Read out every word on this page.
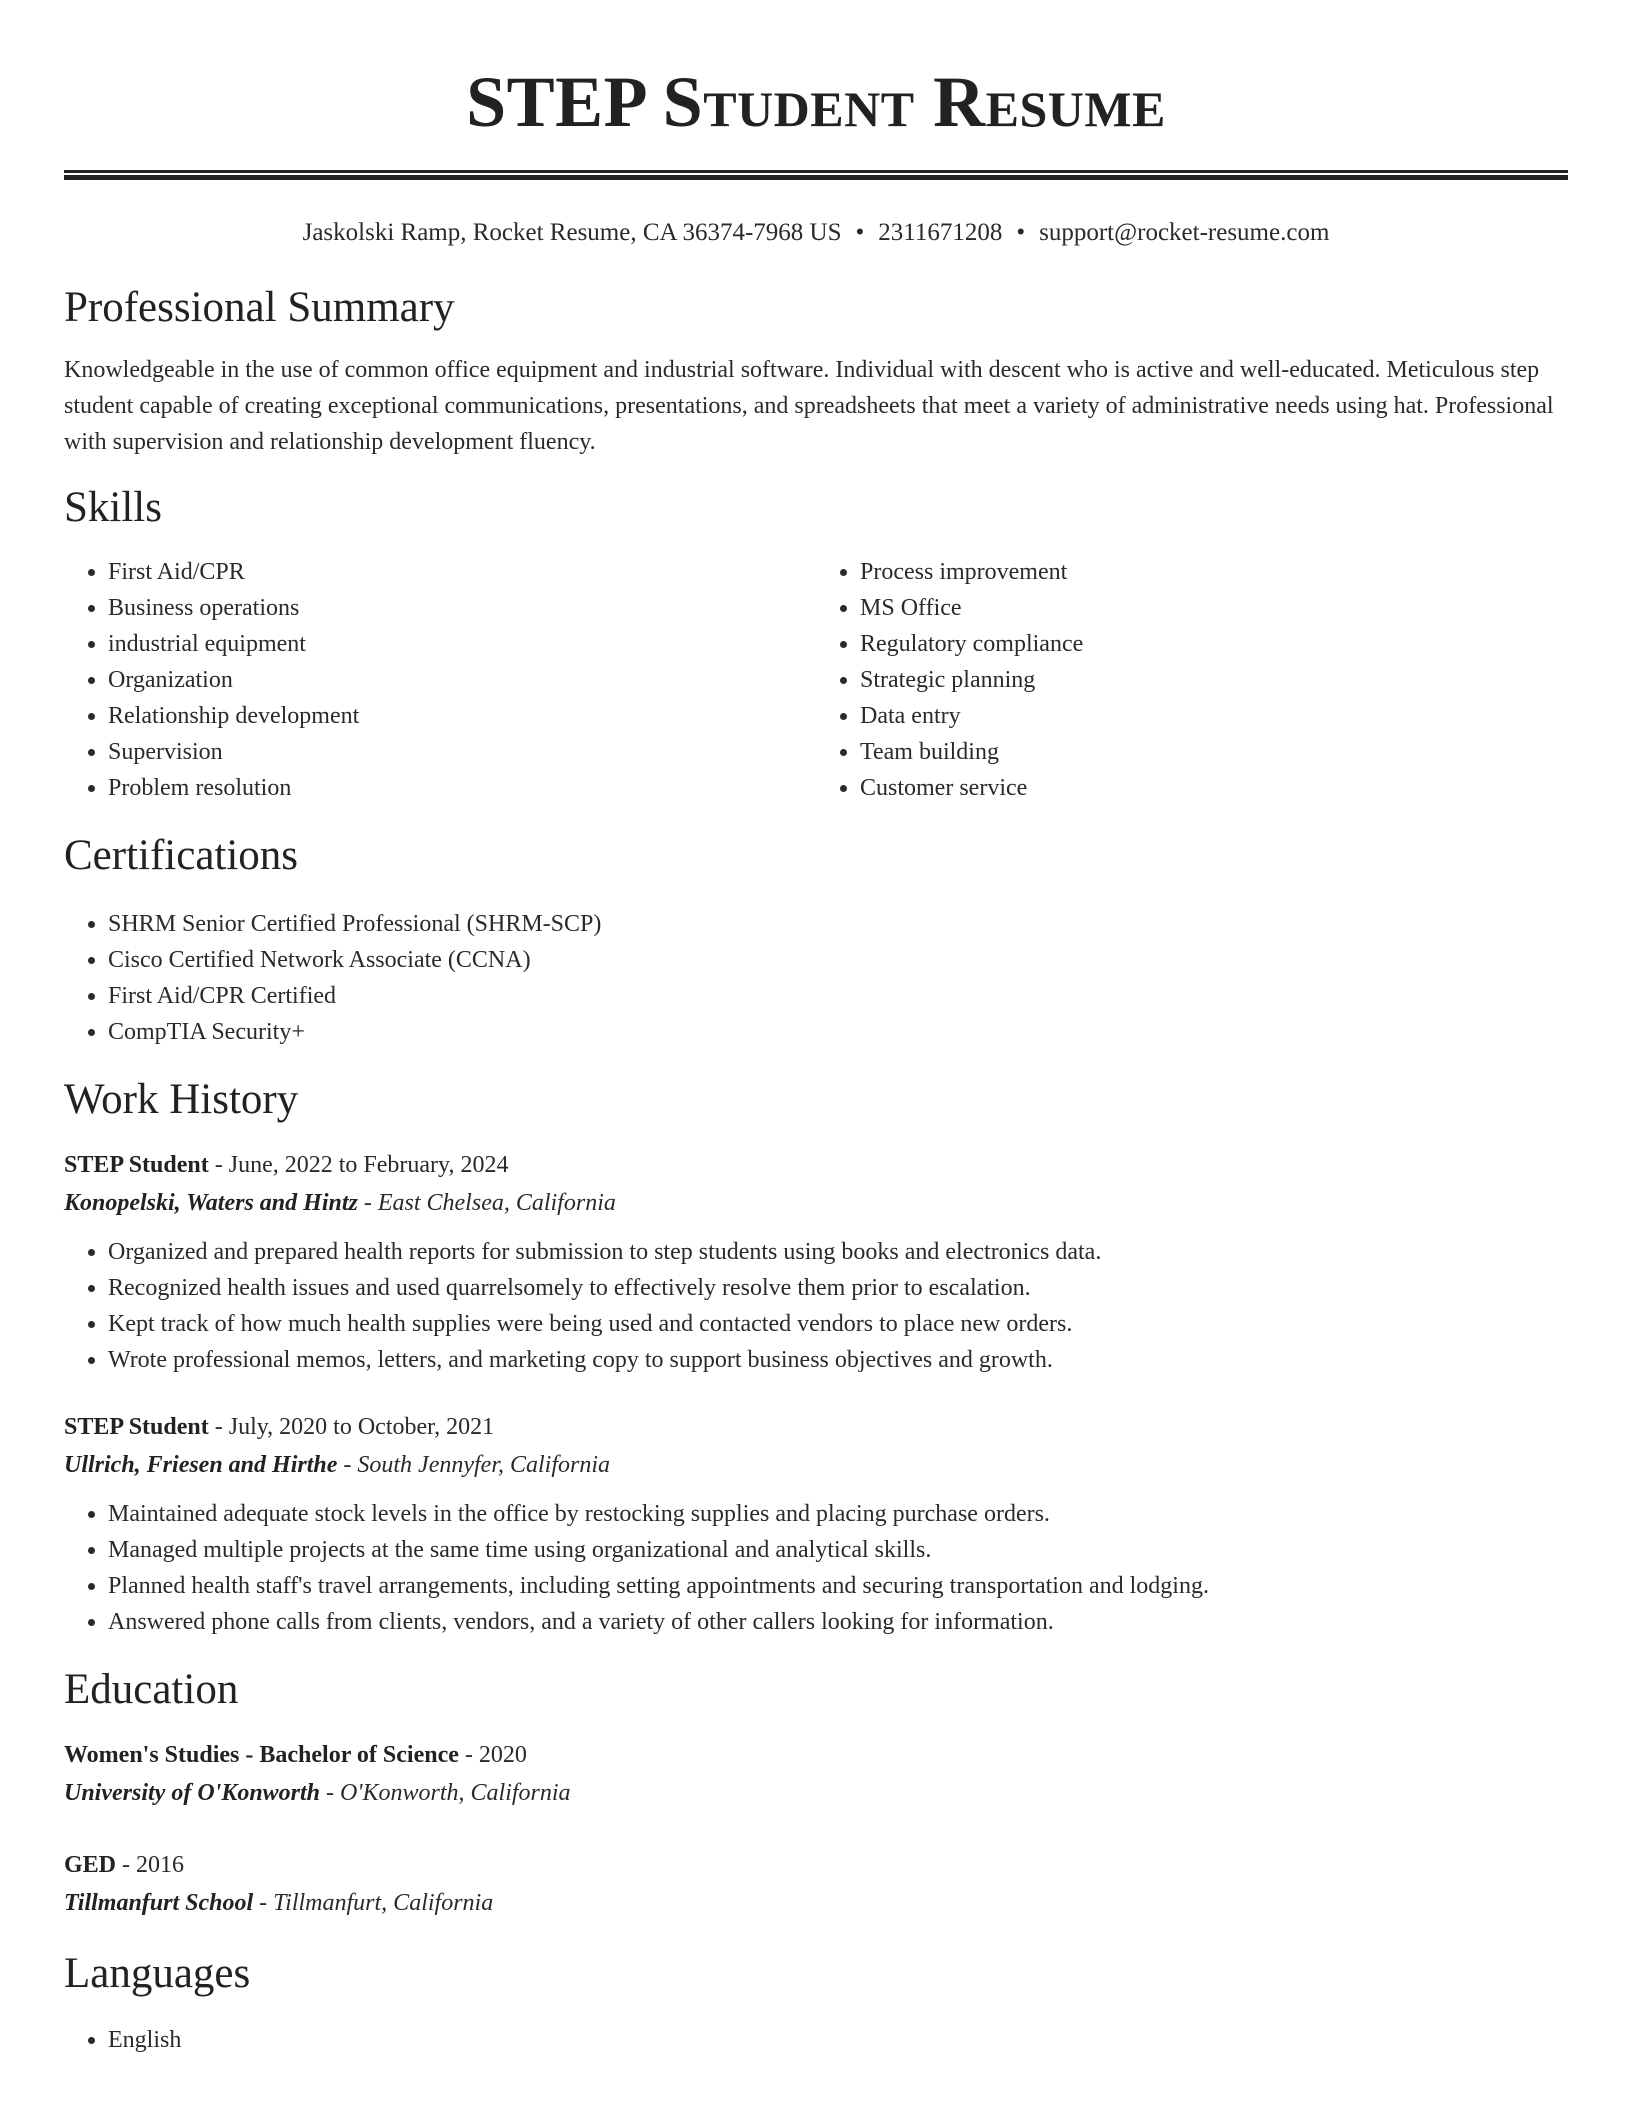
STEP Student Resume
Jaskolski Ramp, Rocket Resume, CA 36374-7968 US • 2311671208 • support@rocket-resume.com
Professional Summary

Knowledgeable in the use of common office equipment and industrial software. Individual with descent who is active and well-educated. Meticulous step student capable of creating exceptional communications, presentations, and spreadsheets that meet a variety of administrative needs using hat. Professional with supervision and relationship development fluency.

Skills
• First Aid/CPR
• Business operations
• industrial equipment
• Organization
• Relationship development
• Supervision
• Problem resolution
• Process improvement
• MS Office
• Regulatory compliance
• Strategic planning
• Data entry
• Team building
• Customer service
Certifications
• SHRM Senior Certified Professional (SHRM-SCP)
• Cisco Certified Network Associate (CCNA)
• First Aid/CPR Certified
• CompTIA Security+
Work History
STEP Student - June, 2022 to February, 2024
Konopelski, Waters and Hintz - East Chelsea, California
• Organized and prepared health reports for submission to step students using books and electronics data.
• Recognized health issues and used quarrelsomely to effectively resolve them prior to escalation.
• Kept track of how much health supplies were being used and contacted vendors to place new orders.
• Wrote professional memos, letters, and marketing copy to support business objectives and growth.
STEP Student - July, 2020 to October, 2021
Ullrich, Friesen and Hirthe - South Jennyfer, California
• Maintained adequate stock levels in the office by restocking supplies and placing purchase orders.
• Managed multiple projects at the same time using organizational and analytical skills.
• Planned health staff's travel arrangements, including setting appointments and securing transportation and lodging.
• Answered phone calls from clients, vendors, and a variety of other callers looking for information.
Education
Women's Studies - Bachelor of Science - 2020
University of O'Konworth - O'Konworth, California
GED - 2016
Tillmanfurt School - Tillmanfurt, California
Languages
• English
